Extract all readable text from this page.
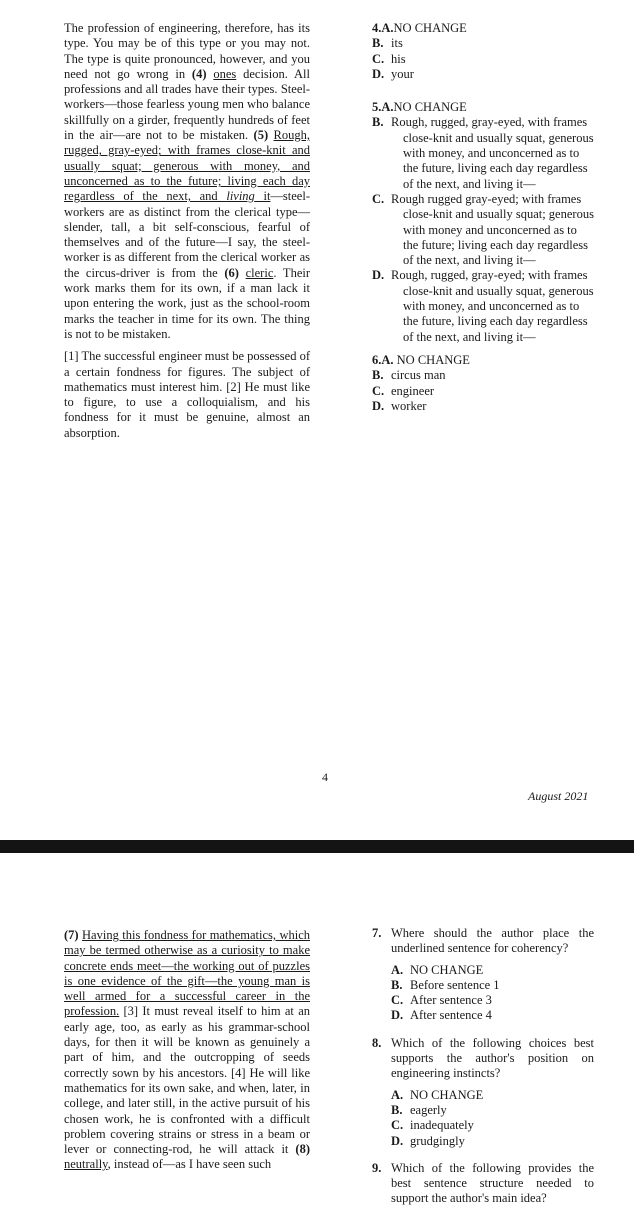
The profession of engineering, therefore, has its type. You may be of this type or you may not. The type is quite pronounced, however, and you need not go wrong in (4) ones decision. All professions and all trades have their types. Steel-workers—those fearless young men who balance skillfully on a girder, frequently hundreds of feet in the air—are not to be mistaken. (5) Rough, rugged, gray-eyed; with frames close-knit and usually squat; generous with money, and unconcerned as to the future; living each day regardless of the next, and living it—steel-workers are as distinct from the clerical type—slender, tall, a bit self-conscious, fearful of themselves and of the future—I say, the steel-worker is as different from the clerical worker as the circus-driver is from the (6) cleric. Their work marks them for its own, if a man lack it upon entering the work, just as the school-room marks the teacher in time for its own. The thing is not to be mistaken.

[1] The successful engineer must be possessed of a certain fondness for figures. The subject of mathematics must interest him. [2] He must like to figure, to use a colloquialism, and his fondness for it must be genuine, almost an absorption.

4. A. NO CHANGE
B. its
C. his
D. your
5. A. NO CHANGE
B. Rough, rugged, gray-eyed, with frames close-knit and usually squat, generous with money, and unconcerned as to the future, living each day regardless of the next, and living it—
C. Rough rugged gray-eyed; with frames close-knit and usually squat; generous with money and unconcerned as to the future; living each day regardless of the next, and living it—
D. Rough, rugged, gray-eyed; with frames close-knit and usually squat, generous with money, and unconcerned as to the future, living each day regardless of the next, and living it—
6. A.
NO CHANGE
B. circus man
C. engineer
D. worker
4
August 2021

(7) Having this fondness for mathematics, which may be termed otherwise as a curiosity to make concrete ends meet—the working out of puzzles is one evidence of the gift—the young man is well armed for a successful career in the profession. [3] It must reveal itself to him at an early age, too, as early as his grammar-school days, for then it will be known as genuinely a part of him, and the outcropping of seeds correctly sown by his ancestors. [4] He will like mathematics for its own sake, and when, later, in college, and later still, in the active pursuit of his chosen work, he is confronted with a difficult problem covering strains or stress in a beam or lever or connecting-rod, he will attack it (8) neutrally, instead of—as I have seen such

7. Where should the author place the underlined sentence for coherency?
A. NO CHANGE
B. Before sentence 1
C. After sentence 3
D. After sentence 4
8. Which of the following choices best supports the author's position on engineering instincts?
A. NO CHANGE
B. eagerly
C. inadequately
D. grudgingly
9. Which of the following provides the best sentence structure needed to support the author's main idea?
